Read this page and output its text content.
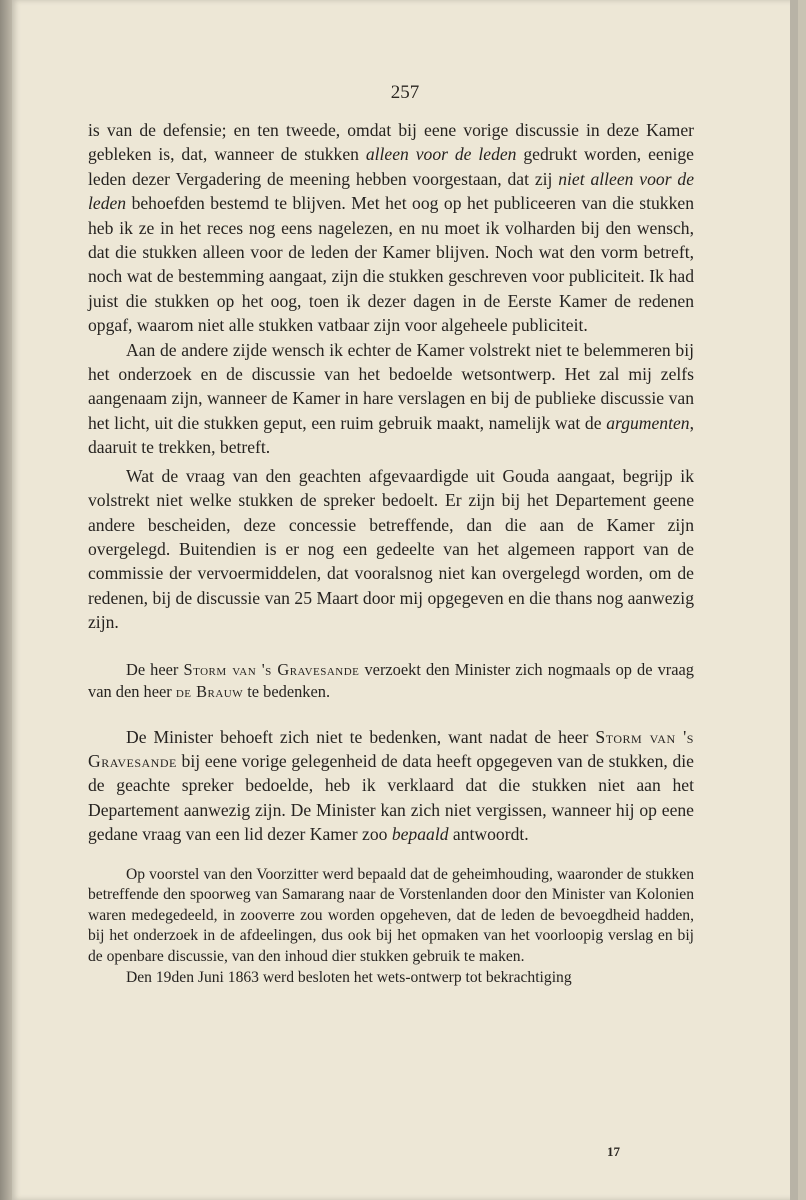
257

is van de defensie; en ten tweede, omdat bij eene vorige discussie in deze Kamer gebleken is, dat, wanneer de stukken alleen voor de leden gedrukt worden, eenige leden dezer Vergadering de meening hebben voorgestaan, dat zij niet alleen voor de leden behoefden bestemd te blijven. Met het oog op het publiceeren van die stukken heb ik ze in het reces nog eens nagelezen, en nu moet ik volharden bij den wensch, dat die stukken alleen voor de leden der Kamer blijven. Noch wat den vorm betreft, noch wat de bestemming aangaat, zijn die stukken geschreven voor publiciteit. Ik had juist die stukken op het oog, toen ik dezer dagen in de Eerste Kamer de redenen opgaf, waarom niet alle stukken vatbaar zijn voor algeheele publiciteit.

Aan de andere zijde wensch ik echter de Kamer volstrekt niet te belemmeren bij het onderzoek en de discussie van het bedoelde wetsontwerp. Het zal mij zelfs aangenaam zijn, wanneer de Kamer in hare verslagen en bij de publieke discussie van het licht, uit die stukken geput, een ruim gebruik maakt, namelijk wat de argumenten, daaruit te trekken, betreft.

Wat de vraag van den geachten afgevaardigde uit Gouda aangaat, begrijp ik volstrekt niet welke stukken de spreker bedoelt. Er zijn bij het Departement geene andere bescheiden, deze concessie betreffende, dan die aan de Kamer zijn overgelegd. Buitendien is er nog een gedeelte van het algemeen rapport van de commissie der vervoermiddelen, dat vooralsnog niet kan overgelegd worden, om de redenen, bij de discussie van 25 Maart door mij opgegeven en die thans nog aanwezig zijn.

De heer Storm van 's Gravesande verzoekt den Minister zich nogmaals op de vraag van den heer de Brauw te bedenken.

De Minister behoeft zich niet te bedenken, want nadat de heer Storm van 's Gravesande bij eene vorige gelegenheid de data heeft opgegeven van de stukken, die de geachte spreker bedoelde, heb ik verklaard dat die stukken niet aan het Departement aanwezig zijn. De Minister kan zich niet vergissen, wanneer hij op eene gedane vraag van een lid dezer Kamer zoo bepaald antwoordt.

Op voorstel van den Voorzitter werd bepaald dat de geheimhouding, waaronder de stukken betreffende den spoorweg van Samarang naar de Vorstenlanden door den Minister van Kolonien waren medegedeeld, in zooverre zou worden opgeheven, dat de leden de bevoegdheid hadden, bij het onderzoek in de afdeelingen, dus ook bij het opmaken van het voorloopig verslag en bij de openbare discussie, van den inhoud dier stukken gebruik te maken.

Den 19den Juni 1863 werd besloten het wets-ontwerp tot bekrachtiging

17
